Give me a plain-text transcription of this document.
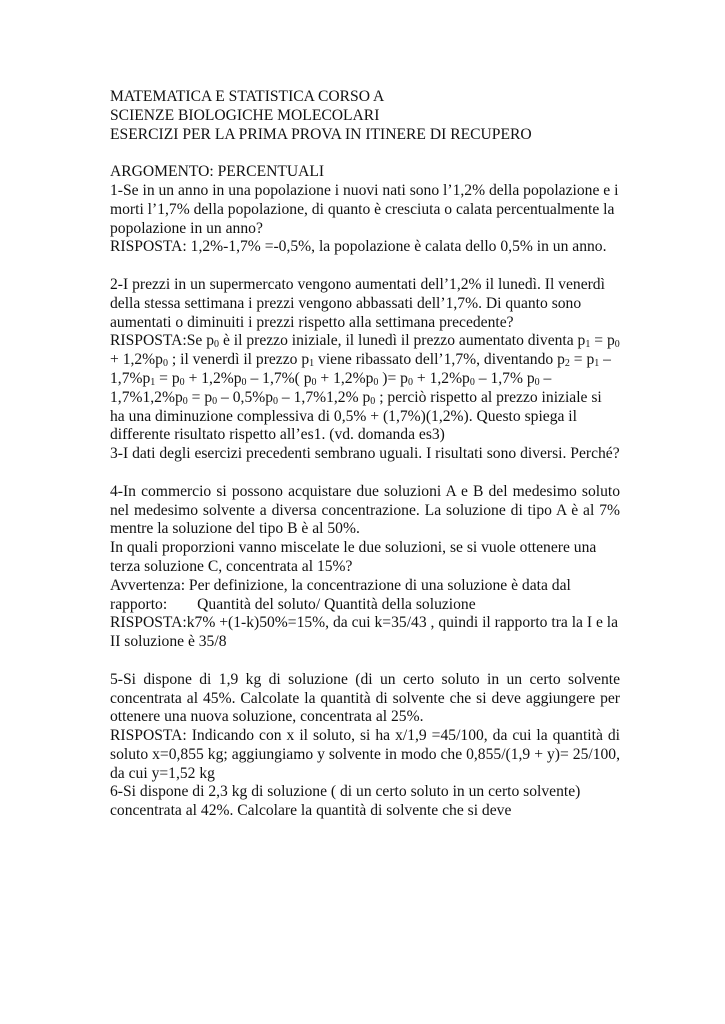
MATEMATICA E STATISTICA CORSO A

SCIENZE BIOLOGICHE MOLECOLARI

ESERCIZI PER LA PRIMA PROVA IN ITINERE DI RECUPERO

ARGOMENTO: PERCENTUALI

1-Se in un anno in una popolazione i nuovi nati sono l’1,2% della popolazione e i morti l’1,7% della popolazione, di quanto è cresciuta o calata percentualmente la popolazione in un anno?

RISPOSTA: 1,2%-1,7% =-0,5%, la popolazione è calata dello 0,5% in un anno.

2-I prezzi in un supermercato vengono aumentati dell’1,2% il lunedì. Il venerdì della stessa settimana i prezzi vengono abbassati dell’1,7%. Di quanto sono aumentati o diminuiti i prezzi rispetto alla settimana precedente?

RISPOSTA:Se $p_0$ è il prezzo iniziale, il lunedì il prezzo aumentato diventa $p_1 = p_0 + 1,2\%p_0$ ; il venerdì il prezzo $p_1$ viene ribassato dell’1,7%, diventando $p_2 = p_1 - 1,7\%p_1 = p_0 + 1,2\%p_0 - 1,7\%$( $p_0 + 1,2\%p_0$ )= $p_0 + 1,2\%p_0 - 1,7\%$ $p_0 - 1,7\%1,2\%p_0 = p_0 - 0,5\%p_0 - 1,7\%1,2\%$ $p_0$ ; perciò rispetto al prezzo iniziale si ha una diminuzione complessiva di 0,5% + (1,7%)(1,2%). Questo spiega il differente risultato rispetto all’es1. (vd. domanda es3)

3-I dati degli esercizi precedenti sembrano uguali. I risultati sono diversi. Perché?

4-In commercio si possono acquistare due soluzioni A e B del medesimo soluto nel medesimo solvente a diversa concentrazione. La soluzione di tipo A è al 7% mentre la soluzione del tipo B è al 50%.

In quali proporzioni vanno miscelate le due soluzioni, se si vuole ottenere una terza soluzione C, concentrata al 15%?

Avvertenza: Per definizione, la concentrazione di una soluzione è data dal rapporto: Quantità del soluto/ Quantità della soluzione

RISPOSTA:k7% +(1-k)50%=15%, da cui k=35/43 , quindi il rapporto tra la I e la II soluzione è 35/8

5-Si dispone di 1,9 kg di soluzione (di un certo soluto in un certo solvente concentrata al 45%. Calcolate la quantità di solvente che si deve aggiungere per ottenere una nuova soluzione, concentrata al 25%.

RISPOSTA: Indicando con x il soluto, si ha x/1,9 =45/100, da cui la quantità di soluto x=0,855 kg; aggiungiamo y solvente in modo che 0,855/(1,9 + y)= 25/100, da cui y=1,52 kg

6-Si dispone di 2,3 kg di soluzione ( di un certo soluto in un certo solvente) concentrata al 42%. Calcolare la quantità di solvente che si deve
